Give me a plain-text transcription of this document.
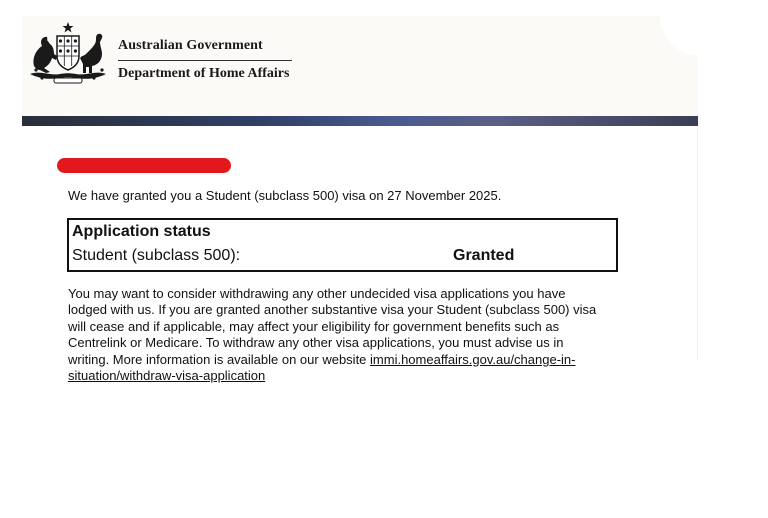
Australian Government
Department of Home Affairs
We have granted you a Student (subclass 500) visa on 27 November 2025.
Application status
Student (subclass 500):	Granted
You may want to consider withdrawing any other undecided visa applications you have lodged with us. If you are granted another substantive visa your Student (subclass 500) visa will cease and if applicable, may affect your eligibility for government benefits such as Centrelink or Medicare. To withdraw any other visa applications, you must advise us in writing. More information is available on our website immi.homeaffairs.gov.au/change-in-situation/withdraw-visa-application
